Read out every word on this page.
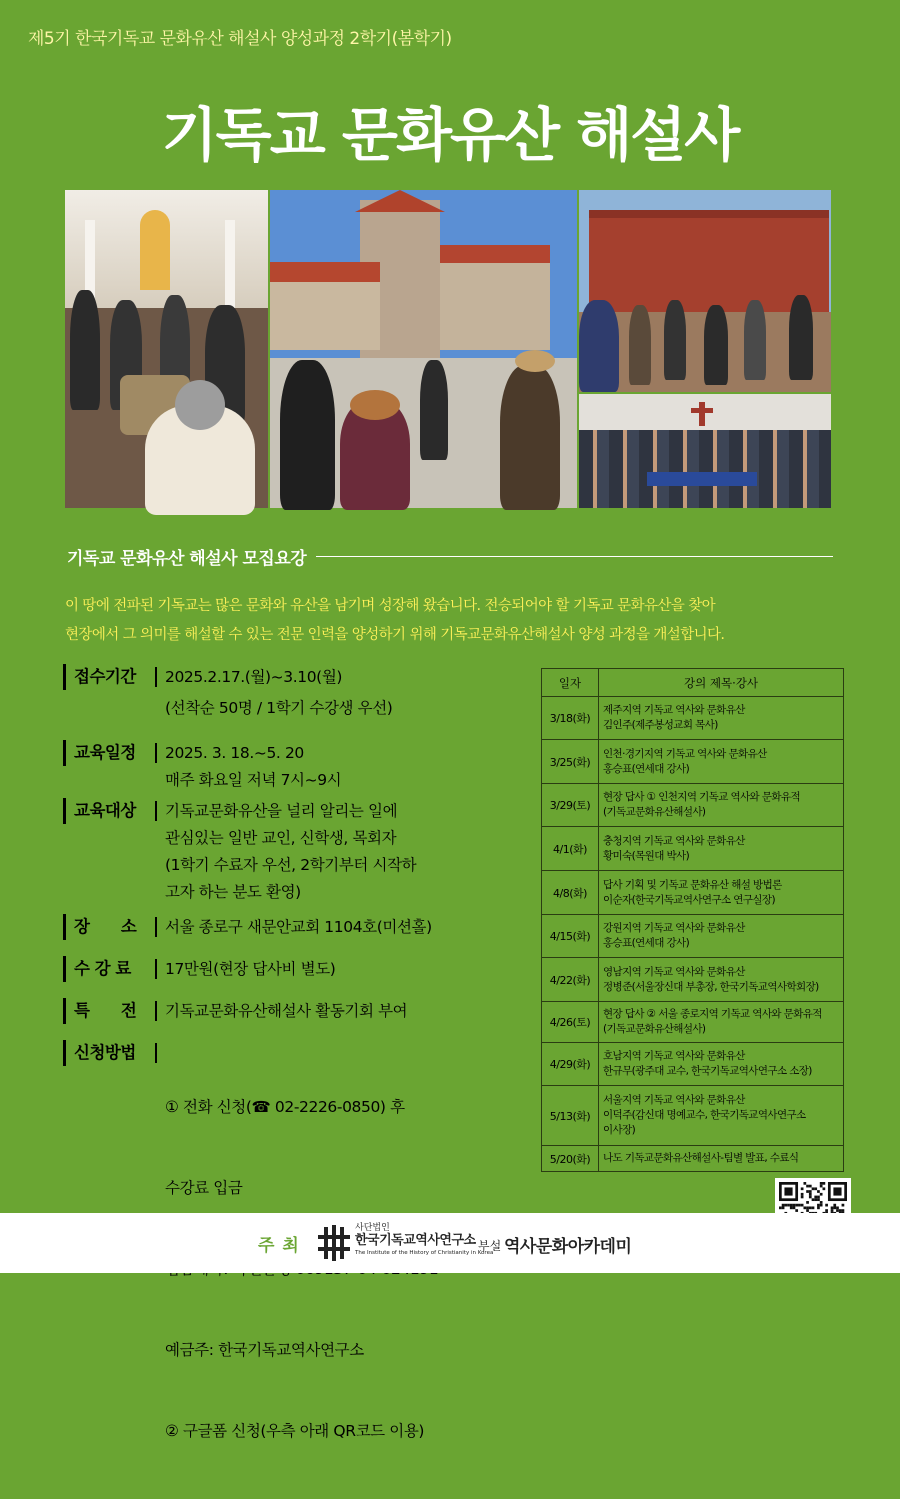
제5기 한국기독교 문화유산 해설사 양성과정 2학기(봄학기)
기독교 문화유산 해설사
기독교 문화유산 해설사 모집요강
이 땅에 전파된 기독교는 많은 문화와 유산을 남기며 성장해 왔습니다. 전승되어야 할 기독교 문화유산을 찾아
현장에서 그 의미를 해설할 수 있는 전문 인력을 양성하기 위해 기독교문화유산해설사 양성 과정을 개설합니다.
접수기간	2025.2.17.(월)~3.10(월)
(선착순 50명 / 1학기 수강생 우선)
교육일정	2025. 3. 18.~5. 20
매주 화요일 저녁 7시~9시
교육대상	기독교문화유산을 널리 알리는 일에
관심있는 일반 교인, 신학생, 목회자
(1학기 수료자 우선, 2학기부터 시작하
고자 하는 분도 환영)
장      소	서울 종로구 새문안교회 1104호(미션홀)
수 강 료	17만원(현장 답사비 별도)
특      전	기독교문화유산해설사 활동기회 부여
신청방법

① 전화 신청(☎ 02-2226-0850) 후

수강료 입금

예금주: 한국기독교역사연구소

② 구글폼 신청(우측 아래 QR코드 이용)

일자	강의 제목·강사
3/18(화)	제주지역 기독교 역사와 문화유산
김인주(제주봉성교회 목사)

3/25(화)	인천·경기지역 기독교 역사와 문화유산
홍승표(연세대 강사)

3/29(토)	현장 답사 ① 인천지역 기독교 역사와 문화유적
(기독교문화유산해설사)

4/1(화)	충청지역 기독교 역사와 문화유산
황미숙(목원대 박사)

4/8(화)	답사 기획 및 기독교 문화유산 해설 방법론
이순자(한국기독교역사연구소 연구실장)

4/15(화)	강원지역 기독교 역사와 문화유산
홍승표(연세대 강사)

4/22(화)	영남지역 기독교 역사와 문화유산
정병준(서울장신대 부총장, 한국기독교역사학회장)

4/26(토)	현장 답사 ② 서울 종로지역 기독교 역사와 문화유적
(기독교문화유산해설사)

4/29(화)	호남지역 기독교 역사와 문화유산
한규무(광주대 교수, 한국기독교역사연구소 소장)

5/13(화)	서울지역 기독교 역사와 문화유산
이덕주(감신대 명예교수, 한국기독교역사연구소
이사장)

5/20(화)	나도 기독교문화유산해설사-팀별 발표, 수료식
주최
사단법인
한국기독교역사연구소
The Institute of the History of Christianity in Korea
부설 역사문화아카데미
